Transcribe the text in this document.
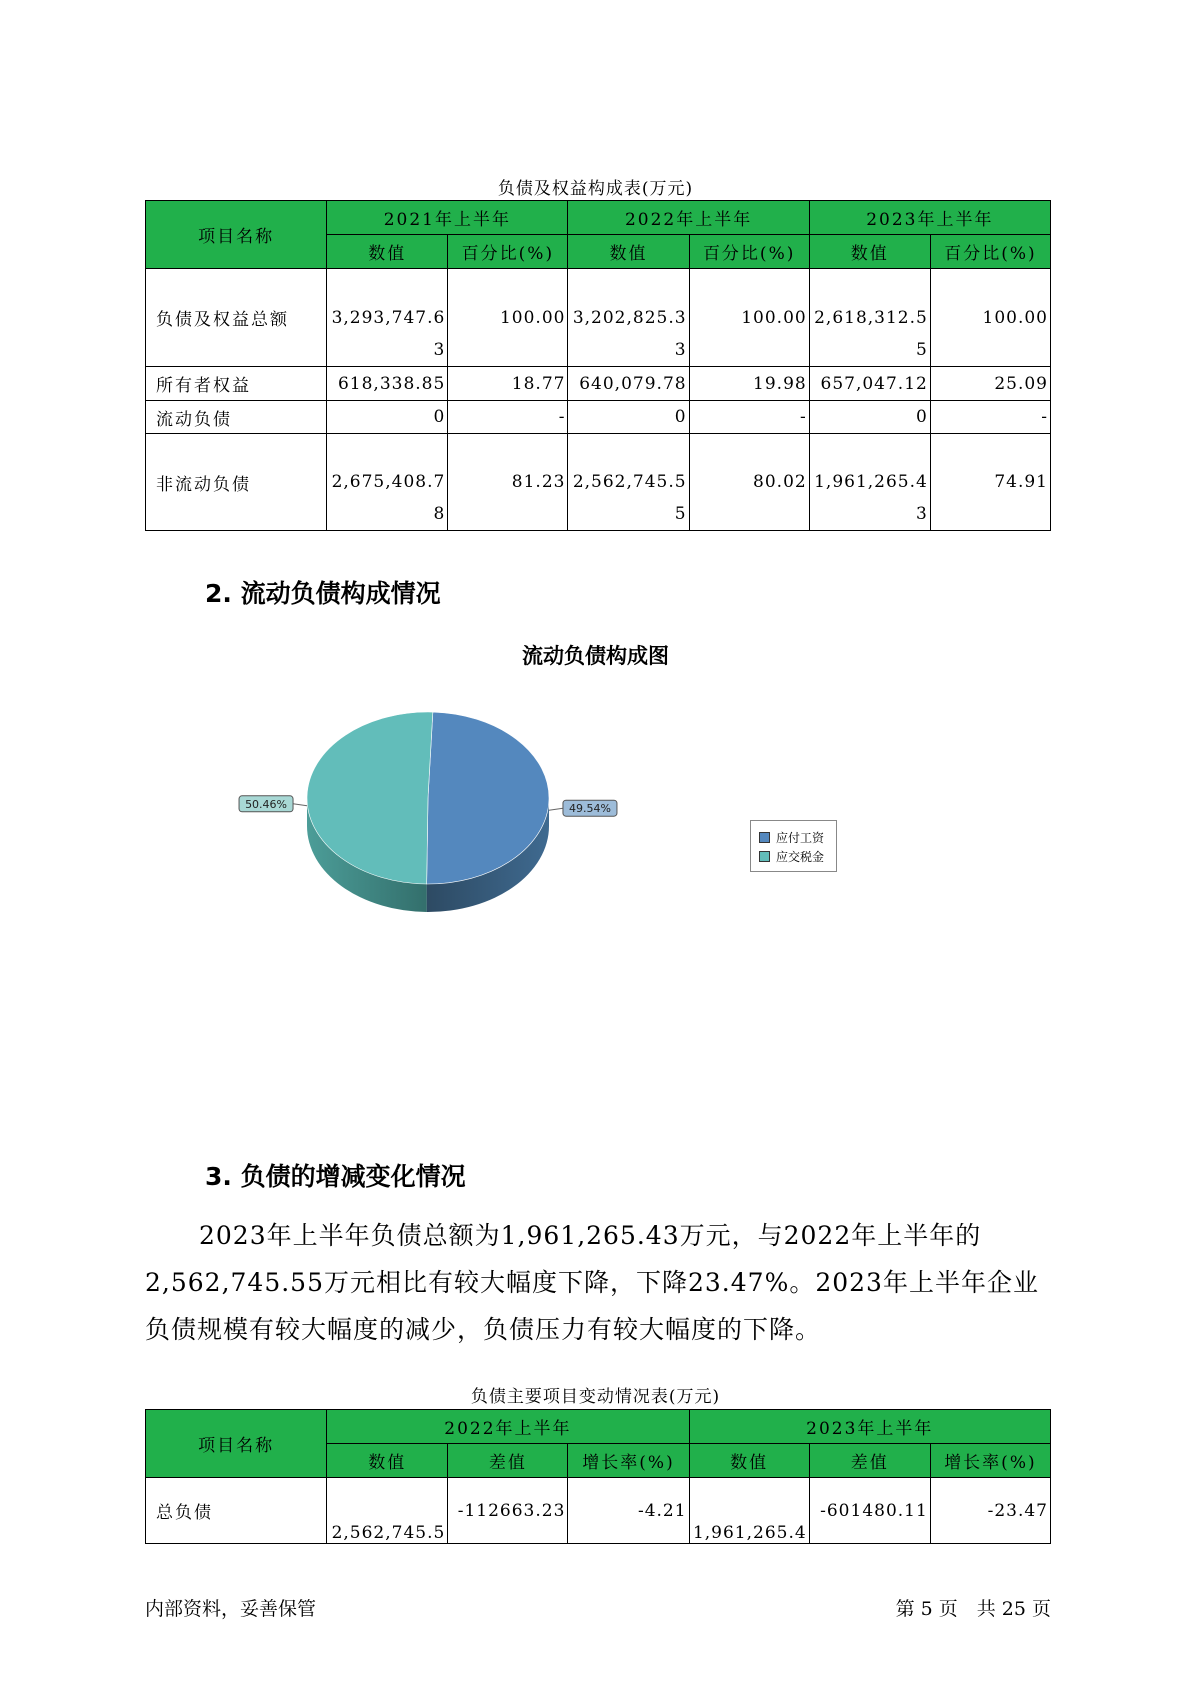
负债及权益构成表(万元)
项目名称	2021年上半年		2022年上半年		2023年上半年	
	数值	百分比(%)	数值	百分比(%)	数值	百分比(%)
负债及权益总额	3,293,747.63	100.00	3,202,825.33	100.00	2,618,312.55	100.00
所有者权益	618,338.85	18.77	640,079.78	19.98	657,047.12	25.09
流动负债	0	-	0	-	0	-
非流动负债	2,675,408.78	81.23	2,562,745.55	80.02	1,961,265.43	74.91
2. 流动负债构成情况
流动负债构成图
49.54%
50.46%
应付工资
应交税金
3. 负债的增减变化情况

2023年上半年负债总额为1,961,265.43万元，与2022年上半年的2,562,745.55万元相比有较大幅度下降，下降23.47%。2023年上半年企业负债规模有较大幅度的减少，负债压力有较大幅度的下降。

负债主要项目变动情况表(万元)
项目名称	2022年上半年			2023年上半年		
	数值	差值	增长率(%)	数值	差值	增长率(%)
总负债	2,562,745.5	-112663.23	-4.21	1,961,265.4	-601480.11	-23.47
内部资料，妥善保管	第 5 页　共 25 页
